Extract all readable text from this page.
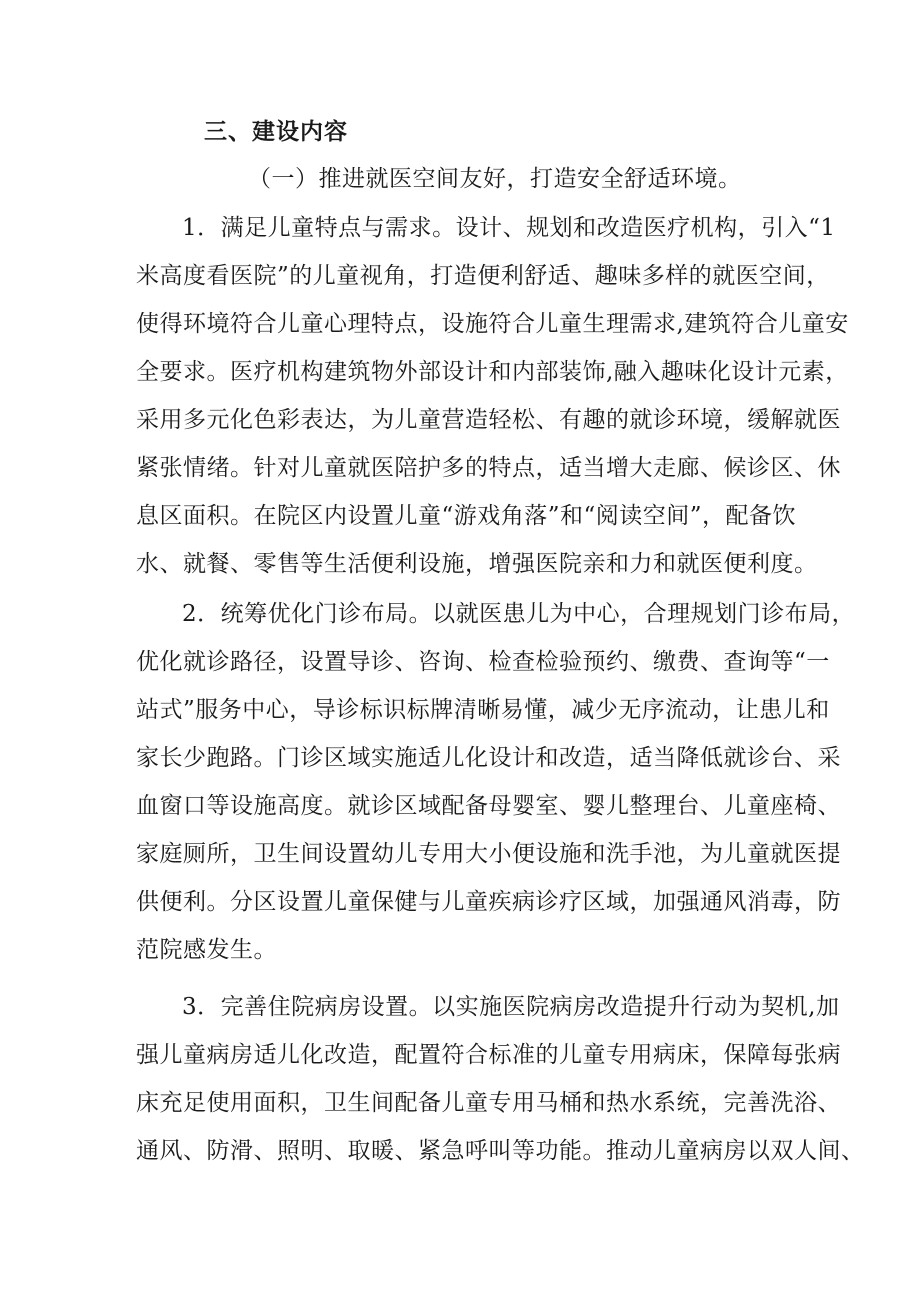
三、建设内容
（一）推进就医空间友好，打造安全舒适环境。
1．满足儿童特点与需求。设计、规划和改造医疗机构，引入“1
米高度看医院”的儿童视角，打造便利舒适、趣味多样的就医空间，
使得环境符合儿童心理特点，设施符合儿童生理需求,建筑符合儿童安
全要求。医疗机构建筑物外部设计和内部装饰,融入趣味化设计元素，
采用多元化色彩表达，为儿童营造轻松、有趣的就诊环境，缓解就医
紧张情绪。针对儿童就医陪护多的特点，适当增大走廊、候诊区、休
息区面积。在院区内设置儿童“游戏角落”和“阅读空间”，配备饮
水、就餐、零售等生活便利设施，增强医院亲和力和就医便利度。
2．统筹优化门诊布局。以就医患儿为中心，合理规划门诊布局，
优化就诊路径，设置导诊、咨询、检查检验预约、缴费、查询等“一
站式”服务中心，导诊标识标牌清晰易懂，减少无序流动，让患儿和
家长少跑路。门诊区域实施适儿化设计和改造，适当降低就诊台、采
血窗口等设施高度。就诊区域配备母婴室、婴儿整理台、儿童座椅、
家庭厕所，卫生间设置幼儿专用大小便设施和洗手池，为儿童就医提
供便利。分区设置儿童保健与儿童疾病诊疗区域，加强通风消毒，防
范院感发生。
3．完善住院病房设置。以实施医院病房改造提升行动为契机,加
强儿童病房适儿化改造，配置符合标准的儿童专用病床，保障每张病
床充足使用面积，卫生间配备儿童专用马桶和热水系统，完善洗浴、
通风、防滑、照明、取暖、紧急呼叫等功能。推动儿童病房以双人间、
